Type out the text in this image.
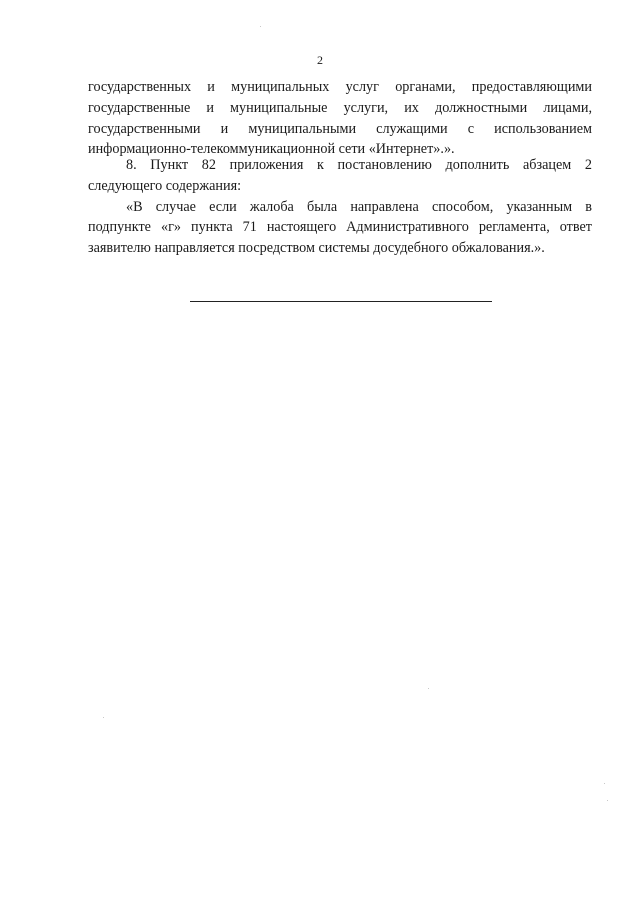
2
государственных и муниципальных услуг органами, предоставляющими
государственные и муниципальные услуги, их должностными лицами,
государственными и муниципальными служащими с использованием
информационно-телекоммуникационной сети «Интернет».».
8. Пункт 82 приложения к постановлению дополнить абзацем 2
следующего содержания:
«В случае если жалоба была направлена способом, указанным в
подпункте «г» пункта 71 настоящего Административного регламента, ответ
заявителю направляется посредством системы досудебного обжалования.».
